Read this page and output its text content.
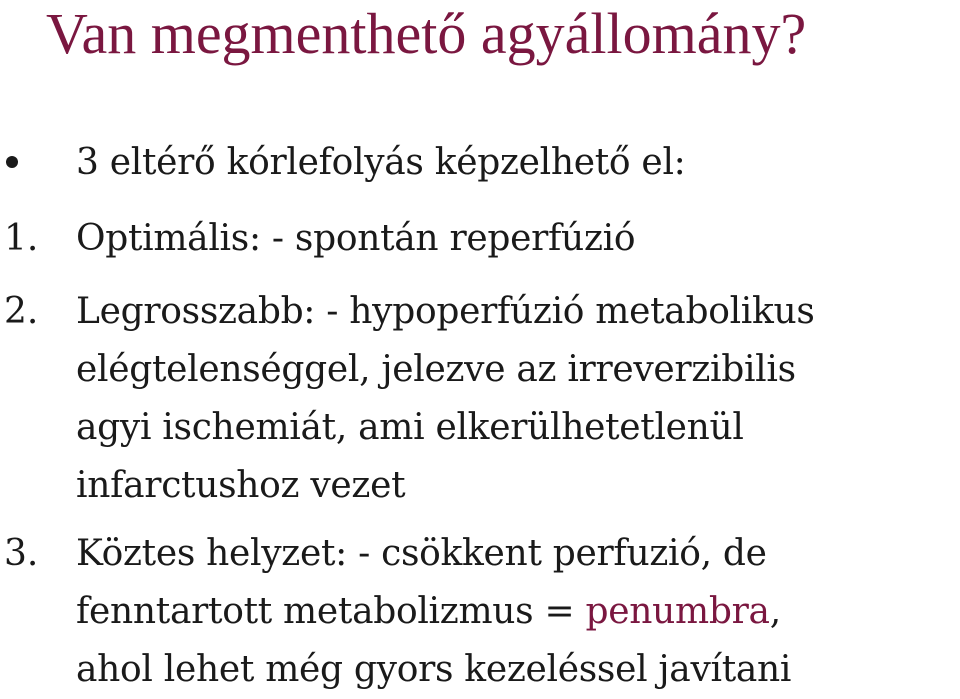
Van megmenthető agyállomány?
3 eltérő kórlefolyás képzelhető el:
1.	Optimális: - spontán reperfúzió
2.	Legrosszabb: - hypoperfúzió metabolikus
elégtelenséggel, jelezve az irreverzibilis
agyi ischemiát, ami elkerülhetetlenül
infarctushoz vezet
3.	Köztes helyzet: - csökkent perfuzió, de
fenntartott metabolizmus = penumbra,
ahol lehet még gyors kezeléssel javítani
